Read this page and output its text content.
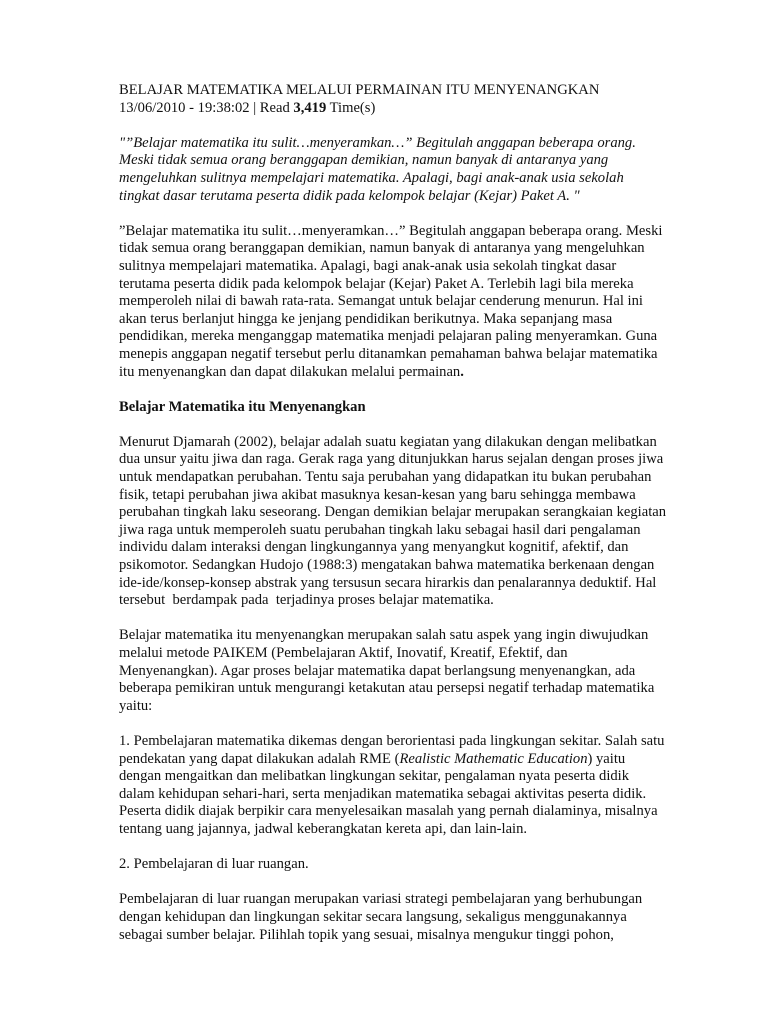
BELAJAR MATEMATIKA MELALUI PERMAINAN ITU MENYENANGKAN
13/06/2010 - 19:38:02 | Read 3,419 Time(s)

"”Belajar matematika itu sulit…menyeramkan…” Begitulah anggapan beberapa orang.
Meski tidak semua orang beranggapan demikian, namun banyak di antaranya yang
mengeluhkan sulitnya mempelajari matematika. Apalagi, bagi anak-anak usia sekolah
tingkat dasar terutama peserta didik pada kelompok belajar (Kejar) Paket A. "

”Belajar matematika itu sulit…menyeramkan…” Begitulah anggapan beberapa orang. Meski
tidak semua orang beranggapan demikian, namun banyak di antaranya yang mengeluhkan
sulitnya mempelajari matematika. Apalagi, bagi anak-anak usia sekolah tingkat dasar
terutama peserta didik pada kelompok belajar (Kejar) Paket A. Terlebih lagi bila mereka
memperoleh nilai di bawah rata-rata. Semangat untuk belajar cenderung menurun. Hal ini
akan terus berlanjut hingga ke jenjang pendidikan berikutnya. Maka sepanjang masa
pendidikan, mereka menganggap matematika menjadi pelajaran paling menyeramkan. Guna
menepis anggapan negatif tersebut perlu ditanamkan pemahaman bahwa belajar matematika
itu menyenangkan dan dapat dilakukan melalui permainan.

Belajar Matematika itu Menyenangkan

Menurut Djamarah (2002), belajar adalah suatu kegiatan yang dilakukan dengan melibatkan
dua unsur yaitu jiwa dan raga. Gerak raga yang ditunjukkan harus sejalan dengan proses jiwa
untuk mendapatkan perubahan. Tentu saja perubahan yang didapatkan itu bukan perubahan
fisik, tetapi perubahan jiwa akibat masuknya kesan-kesan yang baru sehingga membawa
perubahan tingkah laku seseorang. Dengan demikian belajar merupakan serangkaian kegiatan
jiwa raga untuk memperoleh suatu perubahan tingkah laku sebagai hasil dari pengalaman
individu dalam interaksi dengan lingkungannya yang menyangkut kognitif, afektif, dan
psikomotor. Sedangkan Hudojo (1988:3) mengatakan bahwa matematika berkenaan dengan
ide-ide/konsep-konsep abstrak yang tersusun secara hirarkis dan penalarannya deduktif. Hal
tersebut  berdampak pada  terjadinya proses belajar matematika.

Belajar matematika itu menyenangkan merupakan salah satu aspek yang ingin diwujudkan
melalui metode PAIKEM (Pembelajaran Aktif, Inovatif, Kreatif, Efektif, dan
Menyenangkan). Agar proses belajar matematika dapat berlangsung menyenangkan, ada
beberapa pemikiran untuk mengurangi ketakutan atau persepsi negatif terhadap matematika
yaitu:

1. Pembelajaran matematika dikemas dengan berorientasi pada lingkungan sekitar. Salah satu
pendekatan yang dapat dilakukan adalah RME (Realistic Mathematic Education) yaitu
dengan mengaitkan dan melibatkan lingkungan sekitar, pengalaman nyata peserta didik
dalam kehidupan sehari-hari, serta menjadikan matematika sebagai aktivitas peserta didik.
Peserta didik diajak berpikir cara menyelesaikan masalah yang pernah dialaminya, misalnya
tentang uang jajannya, jadwal keberangkatan kereta api, dan lain-lain.

2. Pembelajaran di luar ruangan.

Pembelajaran di luar ruangan merupakan variasi strategi pembelajaran yang berhubungan
dengan kehidupan dan lingkungan sekitar secara langsung, sekaligus menggunakannya
sebagai sumber belajar. Pilihlah topik yang sesuai, misalnya mengukur tinggi pohon,
